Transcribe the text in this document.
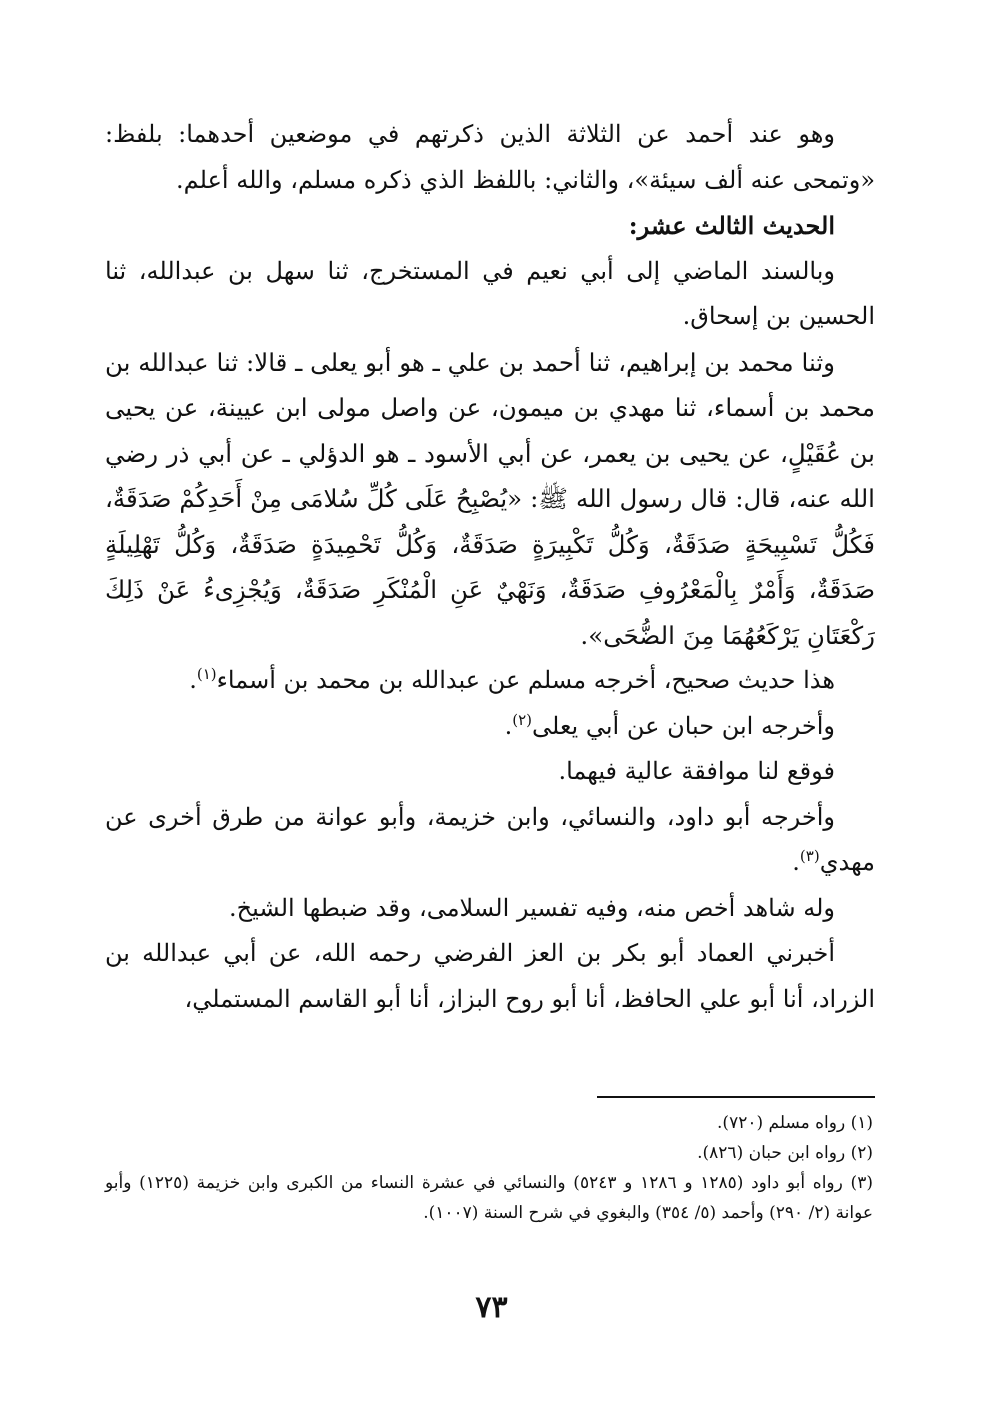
وهو عند أحمد عن الثلاثة الذين ذكرتهم في موضعين أحدهما: بلفظ: «وتمحى عنه ألف سيئة»، والثاني: باللفظ الذي ذكره مسلم، والله أعلم.

الحديث الثالث عشر:

وبالسند الماضي إلى أبي نعيم في المستخرج، ثنا سهل بن عبدالله، ثنا الحسين بن إسحاق.

وثنا محمد بن إبراهيم، ثنا أحمد بن علي ـ هو أبو يعلى ـ قالا: ثنا عبدالله بن محمد بن أسماء، ثنا مهدي بن ميمون، عن واصل مولى ابن عيينة، عن يحيى بن عُقَيْلٍ، عن يحيى بن يعمر، عن أبي الأسود ـ هو الدؤلي ـ عن أبي ذر رضي الله عنه، قال: قال رسول الله ﷺ: «يُصْبِحُ عَلَى كُلِّ سُلامَى مِنْ أَحَدِكُمْ صَدَقَةٌ، فَكُلُّ تَسْبِيحَةٍ صَدَقَةٌ، وَكُلُّ تَكْبِيرَةٍ صَدَقَةٌ، وَكُلُّ تَحْمِيدَةٍ صَدَقَةٌ، وَكُلُّ تَهْلِيلَةٍ صَدَقَةٌ، وَأَمْرٌ بِالْمَعْرُوفِ صَدَقَةٌ، وَنَهْيٌ عَنِ الْمُنْكَرِ صَدَقَةٌ، وَيُجْزِىءُ عَنْ ذَلِكَ رَكْعَتَانِ يَرْكَعُهُمَا مِنَ الضُّحَى».

هذا حديث صحيح، أخرجه مسلم عن عبدالله بن محمد بن أسماء$^{(١)}$.

وأخرجه ابن حبان عن أبي يعلى$^{(٢)}$.

فوقع لنا موافقة عالية فيهما.

وأخرجه أبو داود، والنسائي، وابن خزيمة، وأبو عوانة من طرق أخرى عن مهدي$^{(٣)}$.

وله شاهد أخص منه، وفيه تفسير السلامى، وقد ضبطها الشيخ.

أخبرني العماد أبو بكر بن العز الفرضي رحمه الله، عن أبي عبدالله بن الزراد، أنا أبو علي الحافظ، أنا أبو روح البزاز، أنا أبو القاسم المستملي،

(١) رواه مسلم (٧٢٠).

(٢) رواه ابن حبان (٨٢٦).

(٣) رواه أبو داود (١٢٨٥ و ١٢٨٦ و ٥٢٤٣) والنسائي في عشرة النساء من الكبرى وابن خزيمة (١٢٢٥) وأبو عوانة (٢/ ٢٩٠) وأحمد (٥/ ٣٥٤) والبغوي في شرح السنة (١٠٠٧).

٧٣
